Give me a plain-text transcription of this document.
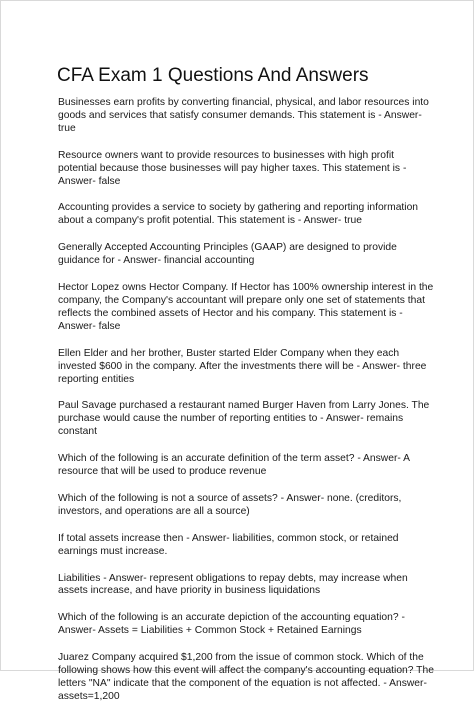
CFA Exam 1 Questions And Answers

Businesses earn profits by converting financial, physical, and labor resources into goods and services that satisfy consumer demands. This statement is - Answer- true

Resource owners want to provide resources to businesses with high profit potential because those businesses will pay higher taxes. This statement is - Answer- false

Accounting provides a service to society by gathering and reporting information about a company's profit potential. This statement is - Answer- true

Generally Accepted Accounting Principles (GAAP) are designed to provide guidance for - Answer- financial accounting

Hector Lopez owns Hector Company. If Hector has 100% ownership interest in the company, the Company's accountant will prepare only one set of statements that reflects the combined assets of Hector and his company. This statement is - Answer- false

Ellen Elder and her brother, Buster started Elder Company when they each invested $600 in the company. After the investments there will be - Answer- three reporting entities

Paul Savage purchased a restaurant named Burger Haven from Larry Jones. The purchase would cause the number of reporting entities to - Answer- remains constant

Which of the following is an accurate definition of the term asset? - Answer- A resource that will be used to produce revenue

Which of the following is not a source of assets? - Answer- none. (creditors, investors, and operations are all a source)

If total assets increase then - Answer- liabilities, common stock, or retained earnings must increase.

Liabilities - Answer- represent obligations to repay debts, may increase when assets increase, and have priority in business liquidations

Which of the following is an accurate depiction of the accounting equation? - Answer- Assets = Liabilities + Common Stock + Retained Earnings

Juarez Company acquired $1,200 from the issue of common stock. Which of the following shows how this event will affect the company's accounting equation? The letters "NA" indicate that the component of the equation is not affected. - Answer- assets=1,200
